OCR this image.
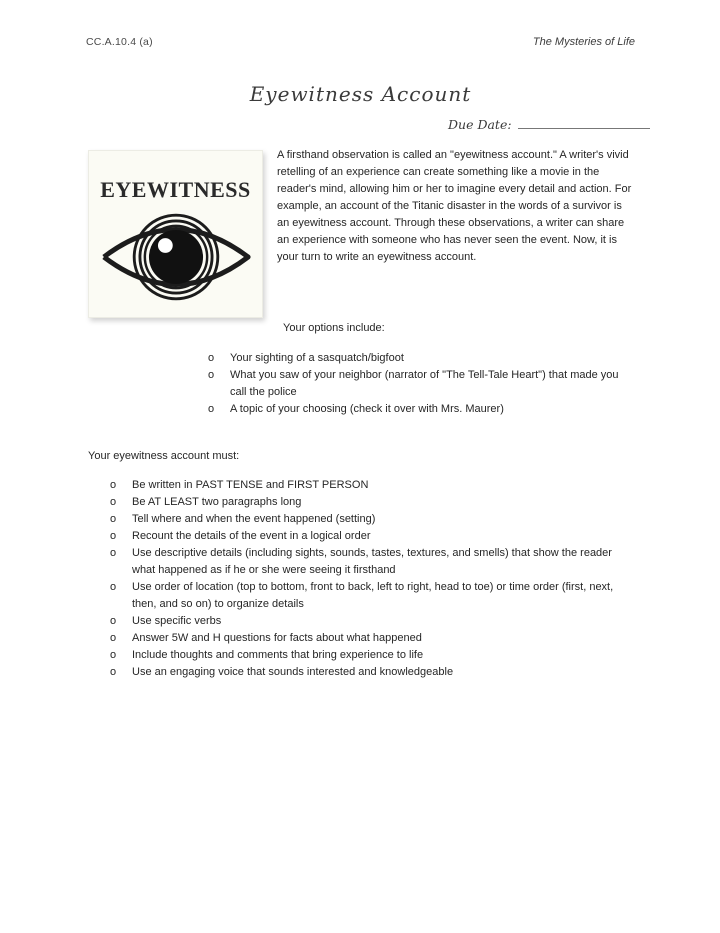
CC.A.10.4 (a)	The Mysteries of Life
Eyewitness Account
Due Date:
EYEWITNESS
A firsthand observation is called an "eyewitness account." A writer's vivid retelling of an experience can create something like a movie in the reader's mind, allowing him or her to imagine every detail and action. For example, an account of the Titanic disaster in the words of a survivor is an eyewitness account. Through these observations, a writer can share an experience with someone who has never seen the event. Now, it is your turn to write an eyewitness account.
Your options include:
o	Your sighting of a sasquatch/bigfoot
o	What you saw of your neighbor (narrator of "The Tell-Tale Heart") that made you call the police
o	A topic of your choosing (check it over with Mrs. Maurer)
Your eyewitness account must:
o	Be written in PAST TENSE and FIRST PERSON
o	Be AT LEAST two paragraphs long
o	Tell where and when the event happened (setting)
o	Recount the details of the event in a logical order
o	Use descriptive details (including sights, sounds, tastes, textures, and smells) that show the reader what happened as if he or she were seeing it firsthand
o	Use order of location (top to bottom, front to back, left to right, head to toe) or time order (first, next, then, and so on) to organize details
o	Use specific verbs
o	Answer 5W and H questions for facts about what happened
o	Include thoughts and comments that bring experience to life
o	Use an engaging voice that sounds interested and knowledgeable
